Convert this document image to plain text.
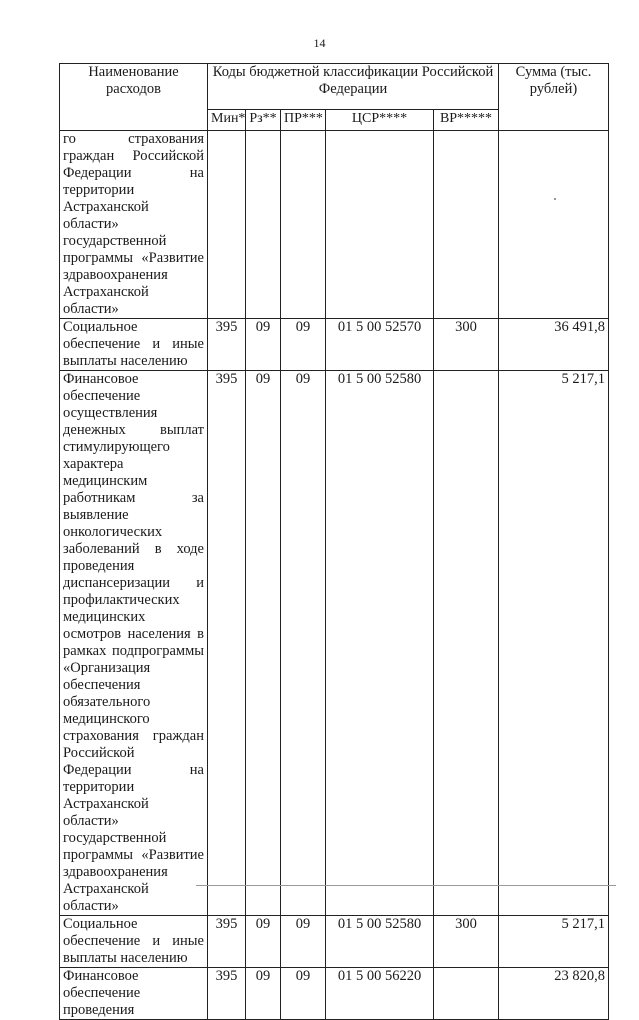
14
Наименование расходов	Коды бюджетной классификации Российской Федерации					Сумма (тыс. рублей)
	Мин*	Рз**	ПР***	ЦСР****	ВР*****	
го страхования граждан Российской Федерации на территории Астраханской области» государственной программы «Развитие здравоохранения Астраханской области»						
Социальное обеспечение и иные выплаты населению	395	09	09	01 5 00 52570	300	36 491,8
Финансовое обеспечение осуществления денежных выплат стимулирующего характера медицинским работникам за выявление онкологических заболеваний в ходе проведения диспансеризации и профилактических медицинских осмотров населения в рамках подпрограммы «Организация обеспечения обязательного медицинского страхования граждан Российской Федерации на территории Астраханской области» государственной программы «Развитие здравоохранения Астраханской области»	395	09	09	01 5 00 52580		5 217,1
Социальное обеспечение и иные выплаты населению	395	09	09	01 5 00 52580	300	5 217,1
Финансовое обеспечение проведения	395	09	09	01 5 00 56220		23 820,8
